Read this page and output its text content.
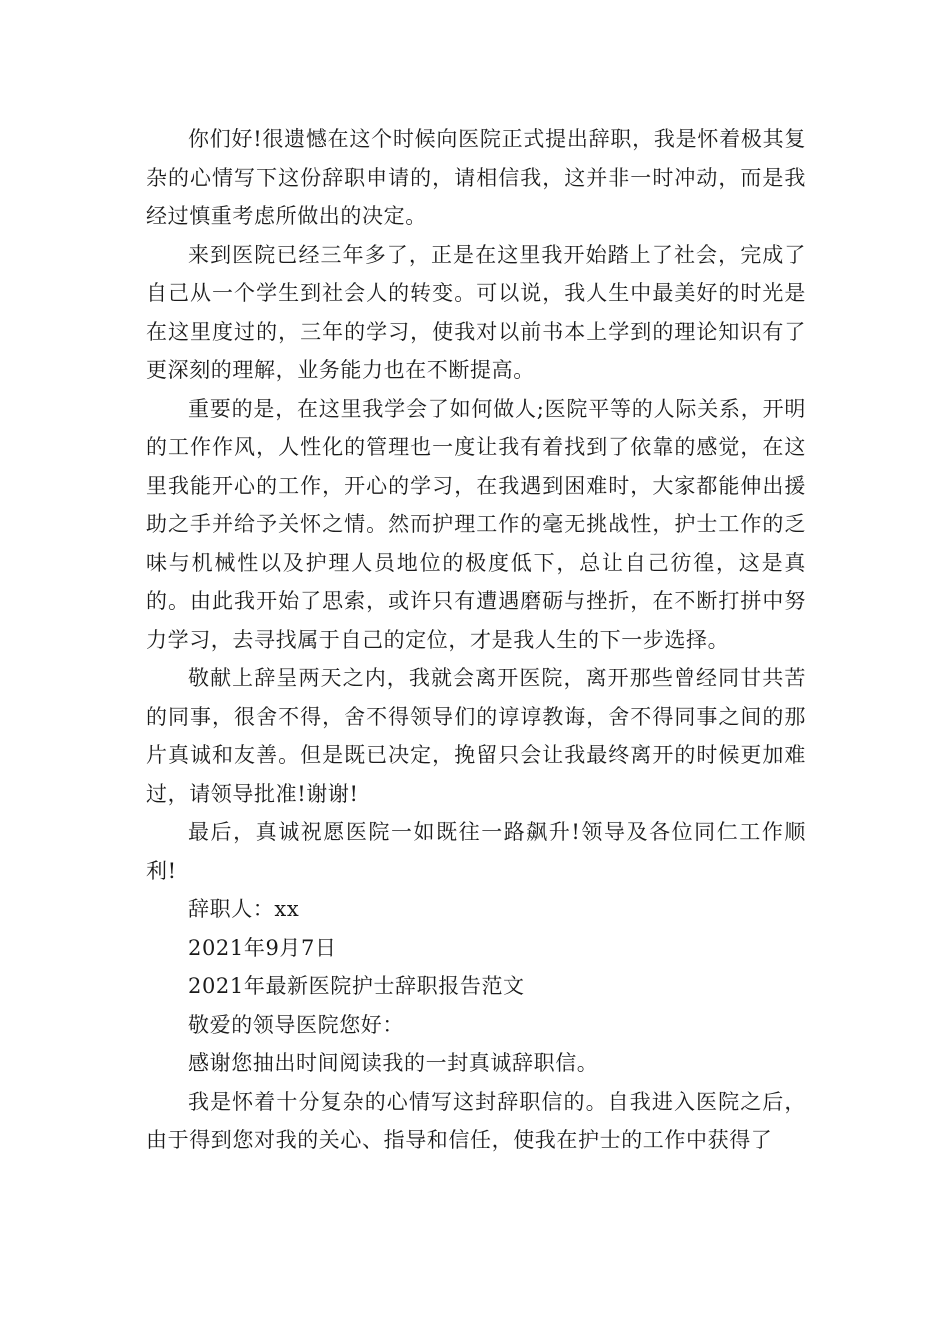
你们好!很遗憾在这个时候向医院正式提出辞职，我是怀着极其复杂的心情写下这份辞职申请的，请相信我，这并非一时冲动，而是我经过慎重考虑所做出的决定。

来到医院已经三年多了，正是在这里我开始踏上了社会，完成了自己从一个学生到社会人的转变。可以说，我人生中最美好的时光是在这里度过的，三年的学习，使我对以前书本上学到的理论知识有了更深刻的理解，业务能力也在不断提高。

重要的是，在这里我学会了如何做人;医院平等的人际关系，开明的工作作风，人性化的管理也一度让我有着找到了依靠的感觉，在这里我能开心的工作，开心的学习，在我遇到困难时，大家都能伸出援助之手并给予关怀之情。然而护理工作的毫无挑战性，护士工作的乏味与机械性以及护理人员地位的极度低下，总让自己彷徨，这是真的。由此我开始了思索，或许只有遭遇磨砺与挫折，在不断打拼中努力学习，去寻找属于自己的定位，才是我人生的下一步选择。

敬献上辞呈两天之内，我就会离开医院，离开那些曾经同甘共苦的同事，很舍不得，舍不得领导们的谆谆教诲，舍不得同事之间的那片真诚和友善。但是既已决定，挽留只会让我最终离开的时候更加难过，请领导批准!谢谢!

最后，真诚祝愿医院一如既往一路飙升!领导及各位同仁工作顺利!

辞职人：xx

2021年9月7日

2021年最新医院护士辞职报告范文

敬爱的领导医院您好：

感谢您抽出时间阅读我的一封真诚辞职信。

我是怀着十分复杂的心情写这封辞职信的。自我进入医院之后，由于得到您对我的关心、指导和信任，使我在护士的工作中获得了
